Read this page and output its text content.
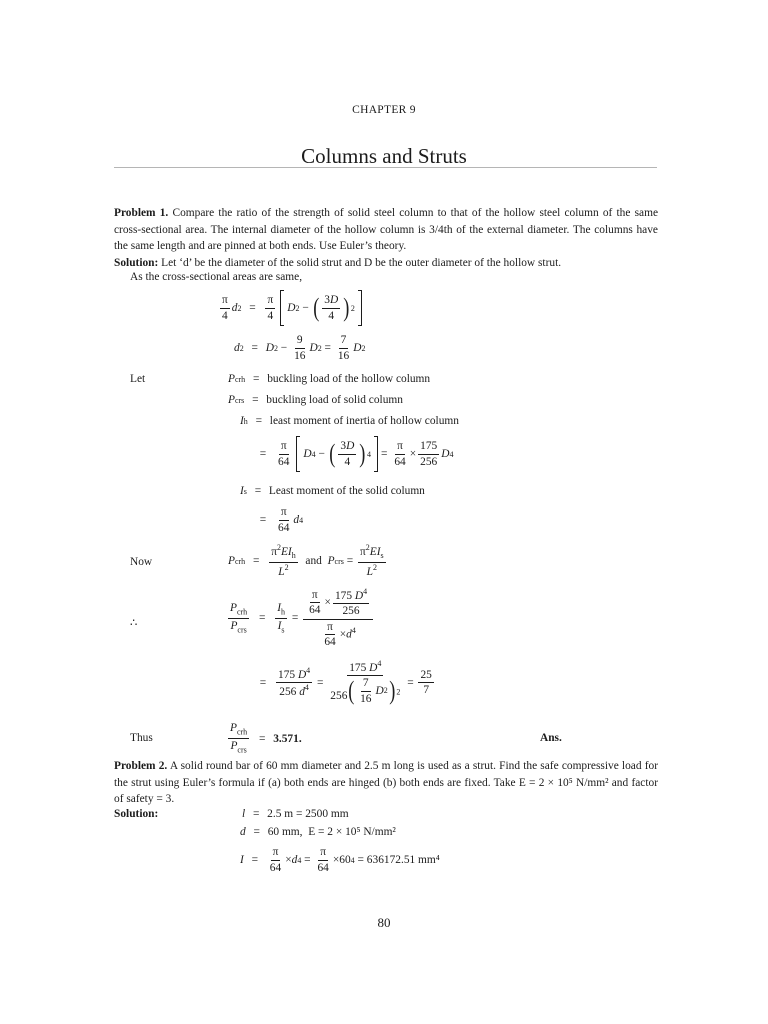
CHAPTER 9
Columns and Struts
Problem 1. Compare the ratio of the strength of solid steel column to that of the hollow steel column of the same cross-sectional area. The internal diameter of the hollow column is 3/4th of the external diameter. The columns have the same length and are pinned at both ends. Use Euler’s theory.
Solution: Let ‘d’ be the diameter of the solid strut and D be the outer diameter of the hollow strut.
As the cross-sectional areas are same,
$\frac{\pi}{4}$ d $2 = \frac{\pi}{4}$ D 2 − ( $\frac{3D}{4}$ ) 2
d 2 = D $2 - \frac{9}{16}$ D $2 = \frac{7}{16}$ D 2
Let	P crh = buckling load of the hollow column
P crs = buckling load of solid column
I h = least moment of inertia of hollow column
= $\frac{\pi}{64}$ D 4 − ( $\frac{3D}{4}$ ) $4 = \frac{\pi}{64} \times \frac{175}{256}$ D 4
I s = Least moment of the solid column
= $\frac{\pi}{64}$ d 4
Now	P crh = $\frac{\pi^2EI_h}{L^2}$
and
P crs = $\frac{\pi^2EI_s}{L^2}$
∴	$\frac{P_{crh}}{P_{crs}} = \frac{I_h}{I_s} = \frac{\frac{\pi}{64} \times \frac{175 D^4}{256}}{\frac{\pi}{64} \times d^4}$
= $\frac{175 D^4}{256 d^4} = \frac{175 D^4}{256 ( \frac{7}{16} D 2 ) ^2} = \frac{25}{7}$
Thus	$\frac{P_{crh}}{P_{crs}} = 3.571$.	Ans.
Problem 2. A solid round bar of 60 mm diameter and 2.5 m long is used as a strut. Find the safe compressive load for the strut using Euler’s formula if (a) both ends are hinged (b) both ends are fixed. Take E = 2 × 10⁵ N/mm² and factor of safety = 3.
Solution:	l = 2.5 m = 2500 mm
d = 60 mm,
E = 2 × 10⁵ N/mm²
$I = \frac{\pi}{64} \times d$ $4 = \frac{\pi}{64} \times 60$ 4
= 636172.51 mm⁴
80
